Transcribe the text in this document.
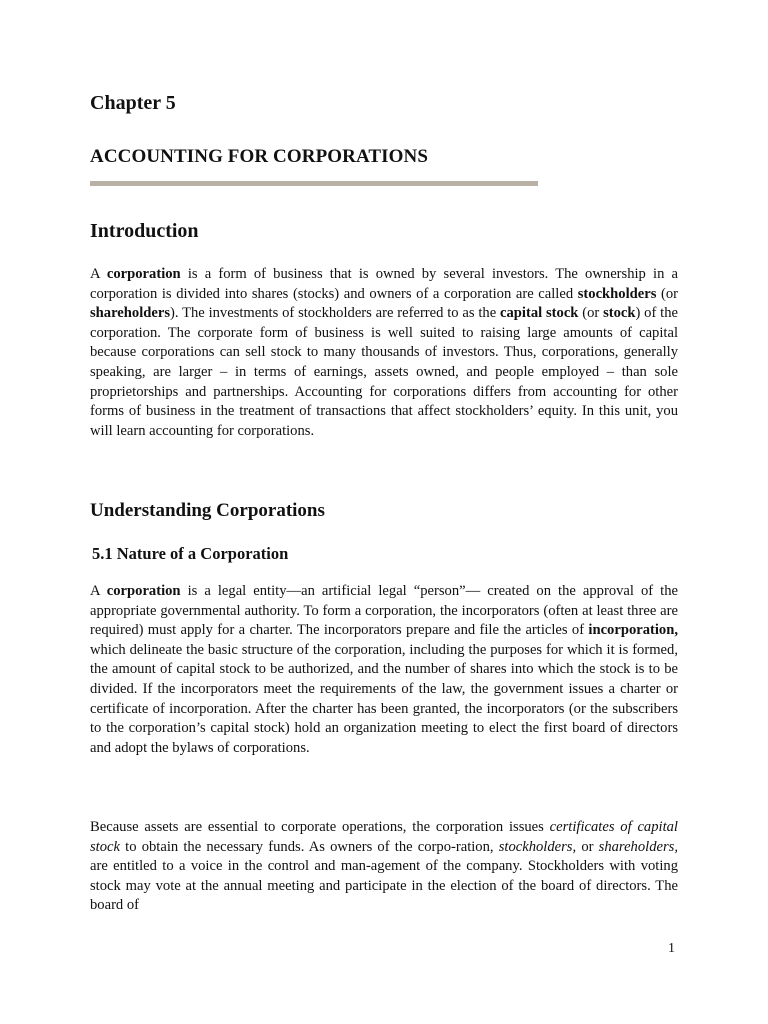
Chapter 5
ACCOUNTING FOR CORPORATIONS
Introduction

A corporation is a form of business that is owned by several investors. The ownership in a corporation is divided into shares (stocks) and owners of a corporation are called stockholders (or shareholders). The investments of stockholders are referred to as the capital stock (or stock) of the corporation. The corporate form of business is well suited to raising large amounts of capital because corporations can sell stock to many thousands of investors. Thus, corporations, generally speaking, are larger – in terms of earnings, assets owned, and people employed – than sole proprietorships and partnerships. Accounting for corporations differs from accounting for other forms of business in the treatment of transactions that affect stockholders’ equity. In this unit, you will learn accounting for corporations.

Understanding Corporations
5.1 Nature of a Corporation

A corporation is a legal entity—an artificial legal “person”— created on the approval of the appropriate governmental authority. To form a corporation, the incorporators (often at least three are required) must apply for a charter. The incorporators prepare and file the articles of incorporation, which delineate the basic structure of the corporation, including the purposes for which it is formed, the amount of capital stock to be authorized, and the number of shares into which the stock is to be divided. If the incorporators meet the requirements of the law, the government issues a charter or certificate of incorporation. After the charter has been granted, the incorporators (or the subscribers to the corporation’s capital stock) hold an organization meeting to elect the first board of directors and adopt the bylaws of corporations.

Because assets are essential to corporate operations, the corporation issues certificates of capital stock to obtain the necessary funds. As owners of the corpo-ration, stockholders, or shareholders, are entitled to a voice in the control and man-agement of the company. Stockholders with voting stock may vote at the annual meeting and participate in the election of the board of directors. The board of

1
